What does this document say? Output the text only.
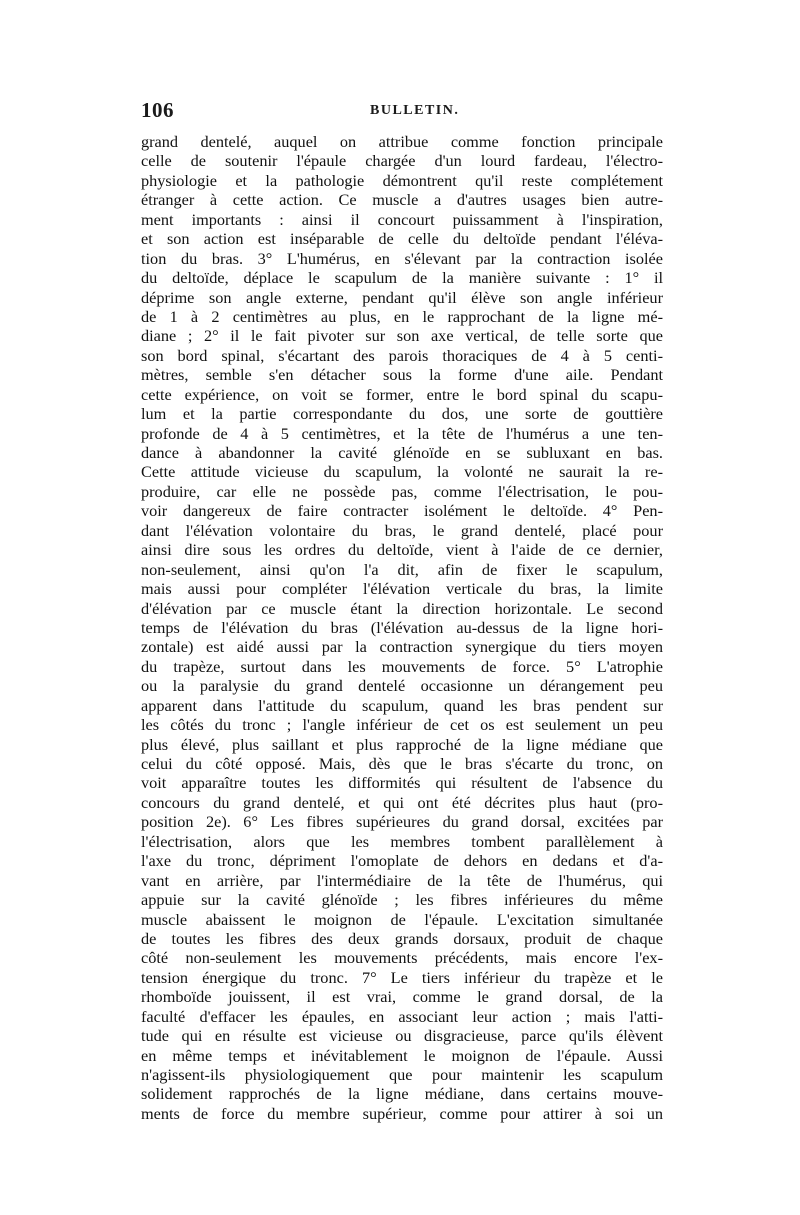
106	BULLETIN.
grand dentelé, auquel on attribue comme fonction principale
celle de soutenir l'épaule chargée d'un lourd fardeau, l'électro-
physiologie et la pathologie démontrent qu'il reste complétement
étranger à cette action. Ce muscle a d'autres usages bien autre-
ment importants : ainsi il concourt puissamment à l'inspiration,
et son action est inséparable de celle du deltoïde pendant l'éléva-
tion du bras. 3° L'humérus, en s'élevant par la contraction isolée
du deltoïde, déplace le scapulum de la manière suivante : 1° il
déprime son angle externe, pendant qu'il élève son angle inférieur
de 1 à 2 centimètres au plus, en le rapprochant de la ligne mé-
diane ; 2° il le fait pivoter sur son axe vertical, de telle sorte que
son bord spinal, s'écartant des parois thoraciques de 4 à 5 centi-
mètres, semble s'en détacher sous la forme d'une aile. Pendant
cette expérience, on voit se former, entre le bord spinal du scapu-
lum et la partie correspondante du dos, une sorte de gouttière
profonde de 4 à 5 centimètres, et la tête de l'humérus a une ten-
dance à abandonner la cavité glénoïde en se subluxant en bas.
Cette attitude vicieuse du scapulum, la volonté ne saurait la re-
produire, car elle ne possède pas, comme l'électrisation, le pou-
voir dangereux de faire contracter isolément le deltoïde. 4° Pen-
dant l'élévation volontaire du bras, le grand dentelé, placé pour
ainsi dire sous les ordres du deltoïde, vient à l'aide de ce dernier,
non-seulement, ainsi qu'on l'a dit, afin de fixer le scapulum,
mais aussi pour compléter l'élévation verticale du bras, la limite
d'élévation par ce muscle étant la direction horizontale. Le second
temps de l'élévation du bras (l'élévation au-dessus de la ligne hori-
zontale) est aidé aussi par la contraction synergique du tiers moyen
du trapèze, surtout dans les mouvements de force. 5° L'atrophie
ou la paralysie du grand dentelé occasionne un dérangement peu
apparent dans l'attitude du scapulum, quand les bras pendent sur
les côtés du tronc ; l'angle inférieur de cet os est seulement un peu
plus élevé, plus saillant et plus rapproché de la ligne médiane que
celui du côté opposé. Mais, dès que le bras s'écarte du tronc, on
voit apparaître toutes les difformités qui résultent de l'absence du
concours du grand dentelé, et qui ont été décrites plus haut (pro-
position 2e). 6° Les fibres supérieures du grand dorsal, excitées par
l'électrisation, alors que les membres tombent parallèlement à
l'axe du tronc, dépriment l'omoplate de dehors en dedans et d'a-
vant en arrière, par l'intermédiaire de la tête de l'humérus, qui
appuie sur la cavité glénoïde ; les fibres inférieures du même
muscle abaissent le moignon de l'épaule. L'excitation simultanée
de toutes les fibres des deux grands dorsaux, produit de chaque
côté non-seulement les mouvements précédents, mais encore l'ex-
tension énergique du tronc. 7° Le tiers inférieur du trapèze et le
rhomboïde jouissent, il est vrai, comme le grand dorsal, de la
faculté d'effacer les épaules, en associant leur action ; mais l'atti-
tude qui en résulte est vicieuse ou disgracieuse, parce qu'ils élèvent
en même temps et inévitablement le moignon de l'épaule. Aussi
n'agissent-ils physiologiquement que pour maintenir les scapulum
solidement rapprochés de la ligne médiane, dans certains mouve-
ments de force du membre supérieur, comme pour attirer à soi un
